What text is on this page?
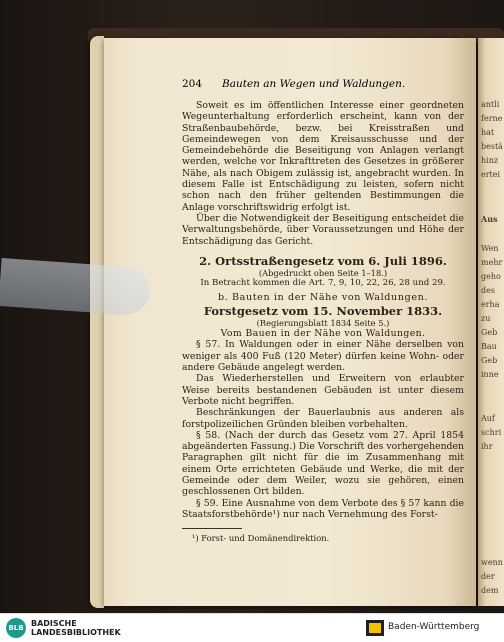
antli
ferne
hat
bestä
hinz
ertei
Aus
Wen
mehr
geho
des
erha
zu
Geb
Bau
Geb
inne
Auf
schri
ihr
wenn
der
dem
204 Bauten an Wegen und Waldungen.

Soweit es im öffentlichen Interesse einer geordneten Wegeunterhaltung erforderlich erscheint, kann von der Straßenbaubehörde, bezw. bei Kreisstraßen und Gemeindewegen von dem Kreisausschusse und der Gemeindebehörde die Beseitigung von Anlagen verlangt werden, welche vor Inkrafttreten des Gesetzes in größerer Nähe, als nach Obigem zulässig ist, angebracht wurden. In diesem Falle ist Entschädigung zu leisten, sofern nicht schon nach den früher geltenden Bestimmungen die Anlage vorschriftswidrig erfolgt ist.

Über die Notwendigkeit der Beseitigung entscheidet die Verwaltungsbehörde, über Voraussetzungen und Höhe der Entschädigung das Gericht.

2. Ortsstraßengesetz vom 6. Juli 1896.

(Abgedruckt oben Seite 1–18.)

In Betracht kommen die Art. 7, 9, 10, 22, 26, 28 und 29.

b. Bauten in der Nähe von Waldungen.

Forstgesetz vom 15. November 1833.

(Regierungsblatt 1834 Seite 5.)

Vom Bauen in der Nähe von Waldungen.

§ 57. In Waldungen oder in einer Nähe derselben von weniger als 400 Fuß (120 Meter) dürfen keine Wohn- oder andere Gebäude angelegt werden.

Das Wiederherstellen und Erweitern von erlaubter Weise bereits bestandenen Gebäuden ist unter diesem Verbote nicht begriffen.

Beschränkungen der Bauerlaubnis aus anderen als forstpolizeilichen Gründen bleiben vorbehalten.

§ 58. (Nach der durch das Gesetz vom 27. April 1854 abgeänderten Fassung.) Die Vorschrift des vorhergehenden Paragraphen gilt nicht für die im Zusammenhang mit einem Orte errichteten Gebäude und Werke, die mit der Gemeinde oder dem Weiler, wozu sie gehören, einen geschlossenen Ort bilden.

§ 59. Eine Ausnahme von dem Verbote des § 57 kann die Staatsforstbehörde¹) nur nach Vernehmung des Forst-

¹) Forst- und Domänendirektion.

BLB BADISCHE
LANDESBIBLIOTHEK
Baden-Württemberg
